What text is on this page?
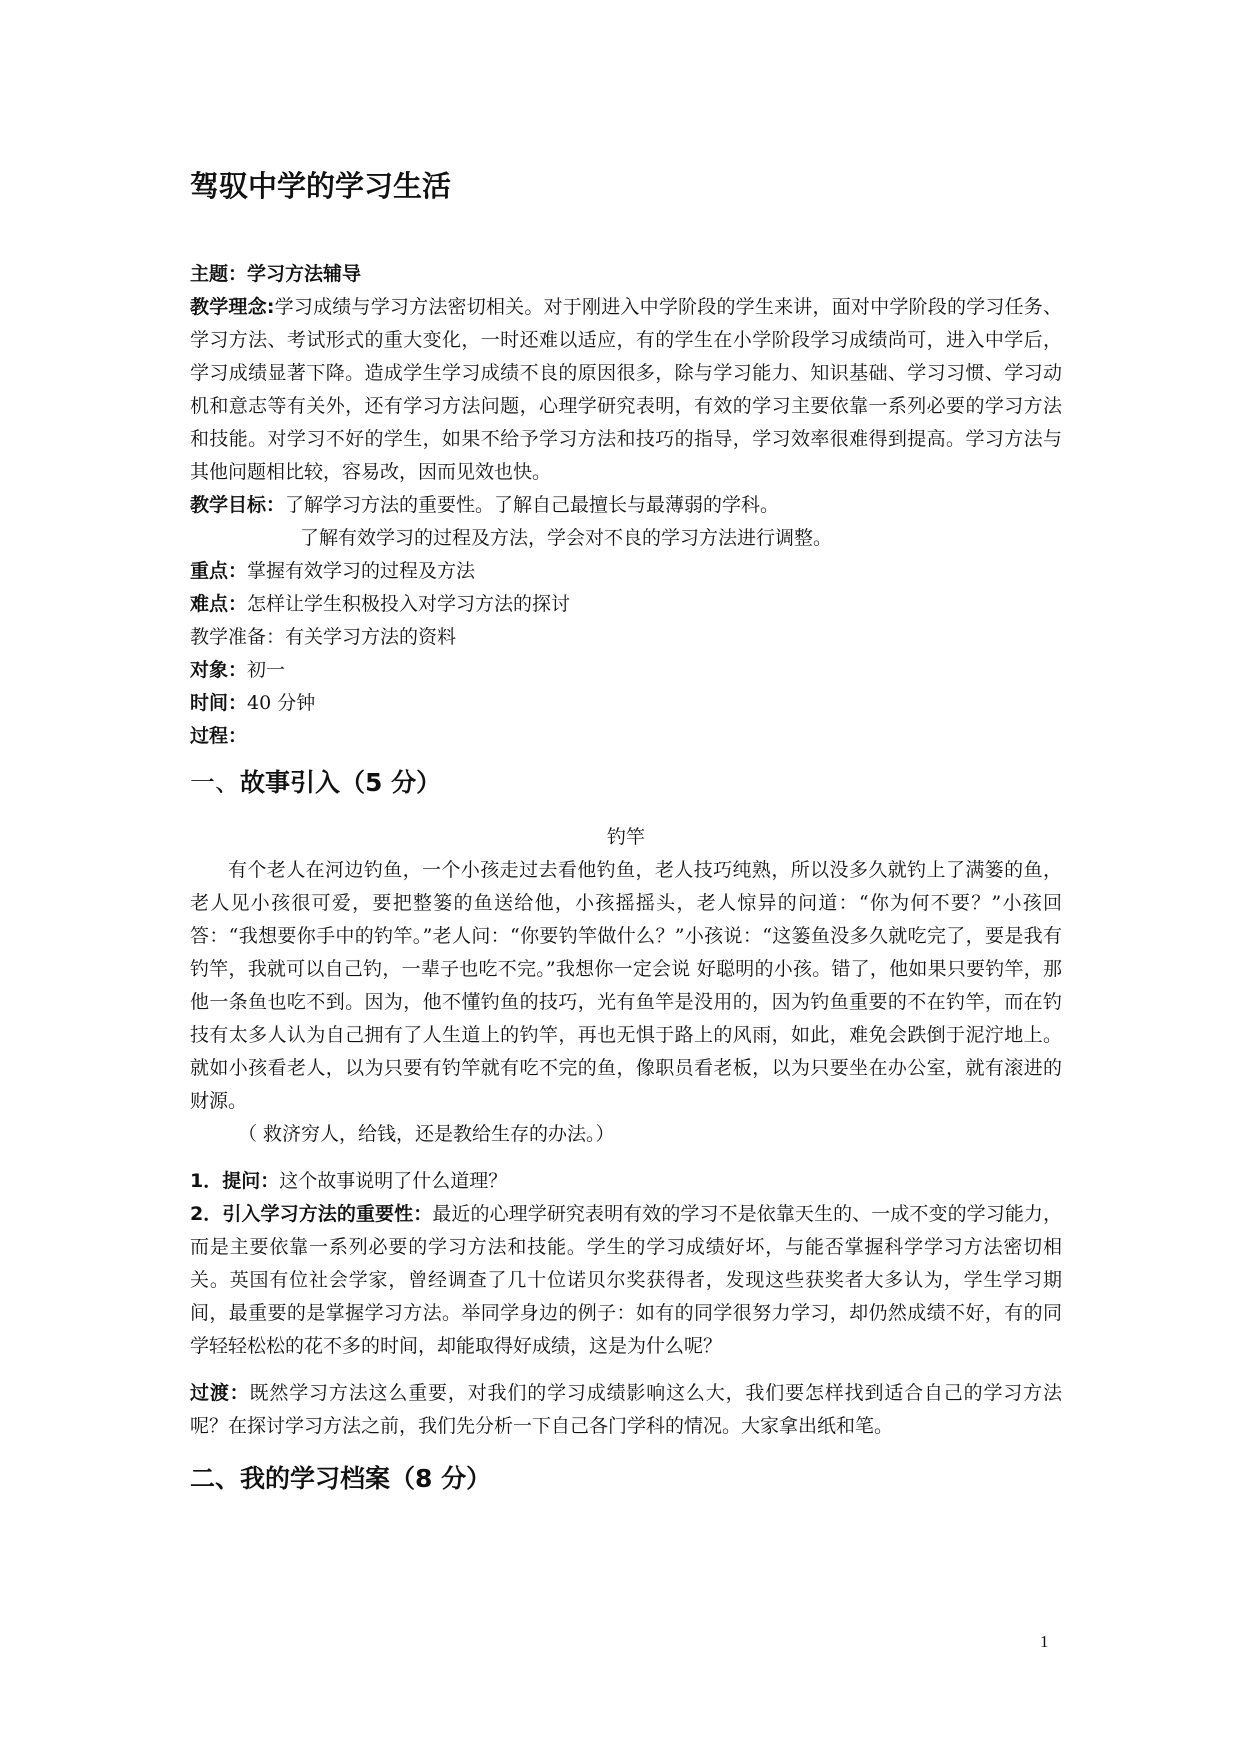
驾驭中学的学习生活

主题：学习方法辅导

教学理念:学习成绩与学习方法密切相关。对于刚进入中学阶段的学生来讲，面对中学阶段的学习任务、学习方法、考试形式的重大变化，一时还难以适应，有的学生在小学阶段学习成绩尚可，进入中学后，学习成绩显著下降。造成学生学习成绩不良的原因很多，除与学习能力、知识基础、学习习惯、学习动机和意志等有关外，还有学习方法问题，心理学研究表明，有效的学习主要依靠一系列必要的学习方法和技能。对学习不好的学生，如果不给予学习方法和技巧的指导，学习效率很难得到提高。学习方法与其他问题相比较，容易改，因而见效也快。

教学目标：了解学习方法的重要性。了解自己最擅长与最薄弱的学科。

了解有效学习的过程及方法，学会对不良的学习方法进行调整。

重点：掌握有效学习的过程及方法

难点：怎样让学生积极投入对学习方法的探讨

教学准备：有关学习方法的资料

对象：初一

时间：40 分钟

过程：

一、故事引入（5 分）

钓竿

有个老人在河边钓鱼，一个小孩走过去看他钓鱼，老人技巧纯熟，所以没多久就钓上了满篓的鱼，老人见小孩很可爱，要把整篓的鱼送给他，小孩摇摇头，老人惊异的问道：“你为何不要？”小孩回答：“我想要你手中的钓竿。”老人问：“你要钓竿做什么？”小孩说：“这篓鱼没多久就吃完了，要是我有钓竿，我就可以自己钓，一辈子也吃不完。”我想你一定会说 好聪明的小孩。错了，他如果只要钓竿，那他一条鱼也吃不到。因为，他不懂钓鱼的技巧，光有鱼竿是没用的，因为钓鱼重要的不在钓竿，而在钓技有太多人认为自己拥有了人生道上的钓竿，再也无惧于路上的风雨，如此，难免会跌倒于泥泞地上。就如小孩看老人，以为只要有钓竿就有吃不完的鱼，像职员看老板，以为只要坐在办公室，就有滚进的财源。

（ 救济穷人，给钱，还是教给生存的办法。）

1．提问：这个故事说明了什么道理？

2．引入学习方法的重要性：最近的心理学研究表明有效的学习不是依靠天生的、一成不变的学习能力，而是主要依靠一系列必要的学习方法和技能。学生的学习成绩好坏，与能否掌握科学学习方法密切相关。英国有位社会学家，曾经调查了几十位诺贝尔奖获得者，发现这些获奖者大多认为，学生学习期间，最重要的是掌握学习方法。举同学身边的例子：如有的同学很努力学习，却仍然成绩不好，有的同学轻轻松松的花不多的时间，却能取得好成绩，这是为什么呢？

过渡：既然学习方法这么重要，对我们的学习成绩影响这么大，我们要怎样找到适合自己的学习方法呢？在探讨学习方法之前，我们先分析一下自己各门学科的情况。大家拿出纸和笔。

二、我的学习档案（8 分）
1
